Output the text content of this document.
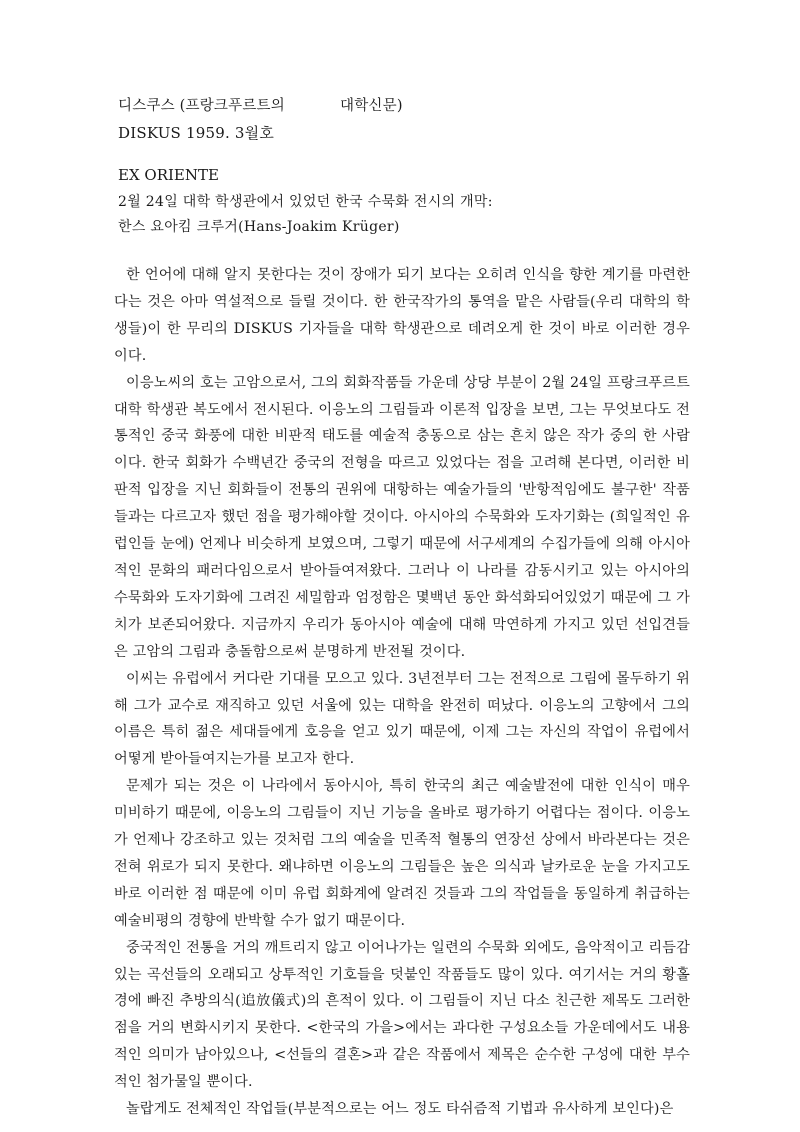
디스쿠스 (프랑크푸르트의	대학신문)
DISKUS 1959. 3월호
EX ORIENTE
2월 24일 대학 학생관에서 있었던 한국 수묵화 전시의 개막:
한스 요아킴 크루거(Hans-Joakim Krüger)

한 언어에 대해 알지 못한다는 것이 장애가 되기 보다는 오히려 인식을 향한 계기를 마련한다는 것은 아마 역설적으로 들릴 것이다. 한 한국작가의 통역을 맡은 사람들(우리 대학의 학생들)이 한 무리의 DISKUS 기자들을 대학 학생관으로 데려오게 한 것이 바로 이러한 경우이다.

이응노씨의 호는 고암으로서, 그의 회화작품들 가운데 상당 부분이 2월 24일 프랑크푸르트 대학 학생관 복도에서 전시된다. 이응노의 그림들과 이론적 입장을 보면, 그는 무엇보다도 전통적인 중국 화풍에 대한 비판적 태도를 예술적 충동으로 삼는 흔치 않은 작가 중의 한 사람이다. 한국 회화가 수백년간 중국의 전형을 따르고 있었다는 점을 고려해 본다면, 이러한 비판적 입장을 지닌 회화들이 전통의 권위에 대항하는 예술가들의 '반항적임에도 불구한' 작품들과는 다르고자 했던 점을 평가해야할 것이다. 아시아의 수묵화와 도자기화는 (희일적인 유럽인들 눈에) 언제나 비슷하게 보였으며, 그렇기 때문에 서구세계의 수집가들에 의해 아시아적인 문화의 패러다임으로서 받아들여져왔다. 그러나 이 나라를 감동시키고 있는 아시아의 수묵화와 도자기화에 그려진 세밀함과 엄정함은 몇백년 동안 화석화되어있었기 때문에 그 가치가 보존되어왔다. 지금까지 우리가 동아시아 예술에 대해 막연하게 가지고 있던 선입견들은 고암의 그림과 충돌함으로써 분명하게 반전될 것이다.

이씨는 유럽에서 커다란 기대를 모으고 있다. 3년전부터 그는 전적으로 그림에 몰두하기 위해 그가 교수로 재직하고 있던 서울에 있는 대학을 완전히 떠났다. 이응노의 고향에서 그의 이름은 특히 젊은 세대들에게 호응을 얻고 있기 때문에, 이제 그는 자신의 작업이 유럽에서 어떻게 받아들여지는가를 보고자 한다.

문제가 되는 것은 이 나라에서 동아시아, 특히 한국의 최근 예술발전에 대한 인식이 매우 미비하기 때문에, 이응노의 그림들이 지닌 기능을 올바로 평가하기 어렵다는 점이다. 이응노가 언제나 강조하고 있는 것처럼 그의 예술을 민족적 혈통의 연장선 상에서 바라본다는 것은 전혀 위로가 되지 못한다. 왜냐하면 이응노의 그림들은 높은 의식과 날카로운 눈을 가지고도 바로 이러한 점 때문에 이미 유럽 회화계에 알려진 것들과 그의 작업들을 동일하게 취급하는 예술비평의 경향에 반박할 수가 없기 때문이다.

중국적인 전통을 거의 깨트리지 않고 이어나가는 일련의 수묵화 외에도, 음악적이고 리듬감있는 곡선들의 오래되고 상투적인 기호들을 덧붙인 작품들도 많이 있다. 여기서는 거의 황홀경에 빠진 추방의식(追放儀式)의 흔적이 있다. 이 그림들이 지닌 다소 친근한 제목도 그러한 점을 거의 변화시키지 못한다. <한국의 가을>에서는 과다한 구성요소들 가운데에서도 내용적인 의미가 남아있으나, <선들의 결혼>과 같은 작품에서 제목은 순수한 구성에 대한 부수적인 첨가물일 뿐이다.

놀랍게도 전체적인 작업들(부분적으로는 어느 정도 타쉬즘적 기법과 유사하게 보인다)은
